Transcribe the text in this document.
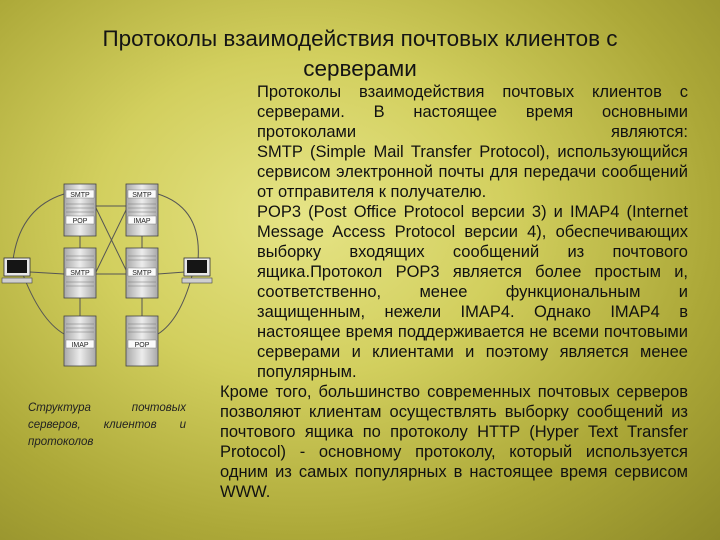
Протоколы взаимодействия почтовых клиентов с серверами
SMTP
POP
SMTP
IMAP
SMTP	SMTP
IMAP	POP
Структура почтовых серверов, клиентов и протоколов

Протоколы взаимодействия почтовых клиентов с серверами. В настоящее время основными протоколами являются:

SMTP (Simple Mail Transfer Protocol), использующийся сервисом электронной почты для передачи сообщений от отправителя к получателю.
POP3 (Post Office Protocol версии 3) и IMAP4 (Internet Message Access Protocol версии 4), обеспечивающих выборку входящих сообщений из почтового ящика.Протокол POP3 является более простым и, соответственно, менее функциональным и защищенным, нежели IMAP4. Однако IMAP4 в настоящее время поддерживается не всеми почтовыми серверами и клиентами и поэтому является менее популярным.

Кроме того, большинство современных почтовых серверов позволяют клиентам осуществлять выборку сообщений из почтового ящика по протоколу HTTP (Hyper Text Transfer Protocol) - основному протоколу, который используется одним из самых популярных в настоящее время сервисом WWW.
